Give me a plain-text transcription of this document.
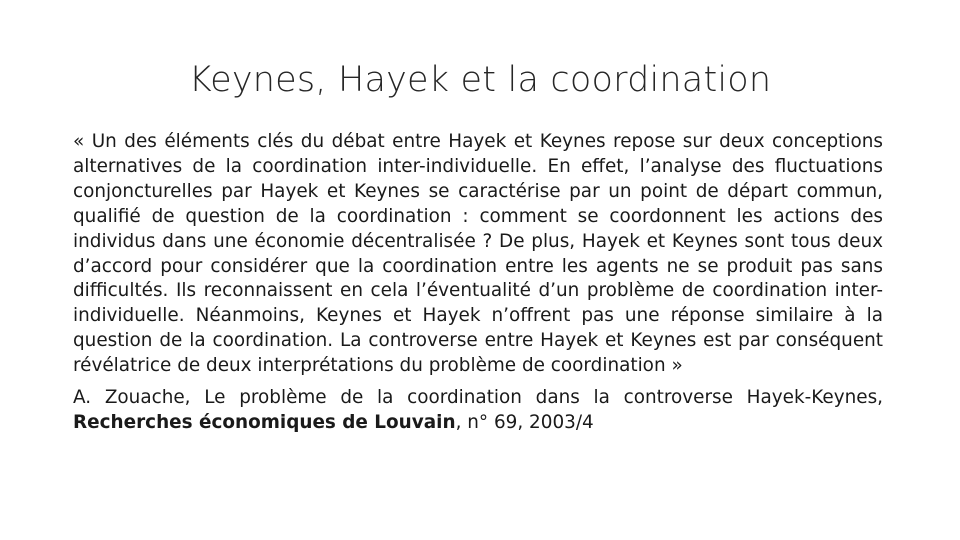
Keynes, Hayek et la coordination

« Un des éléments clés du débat entre Hayek et Keynes repose sur deux conceptions alternatives de la coordination inter-individuelle. En effet, l’analyse des fluctuations conjoncturelles par Hayek et Keynes se caractérise par un point de départ commun, qualifié de question de la coordination : comment se coordonnent les actions des individus dans une économie décentralisée ? De plus, Hayek et Keynes sont tous deux d’accord pour considérer que la coordination entre les agents ne se produit pas sans difficultés. Ils reconnaissent en cela l’éventualité d’un problème de coordination inter-individuelle. Néanmoins, Keynes et Hayek n’offrent pas une réponse similaire à la question de la coordination. La controverse entre Hayek et Keynes est par conséquent révélatrice de deux interprétations du problème de coordination »

A. Zouache, Le problème de la coordination dans la controverse Hayek-Keynes, Recherches économiques de Louvain, n° 69, 2003/4
